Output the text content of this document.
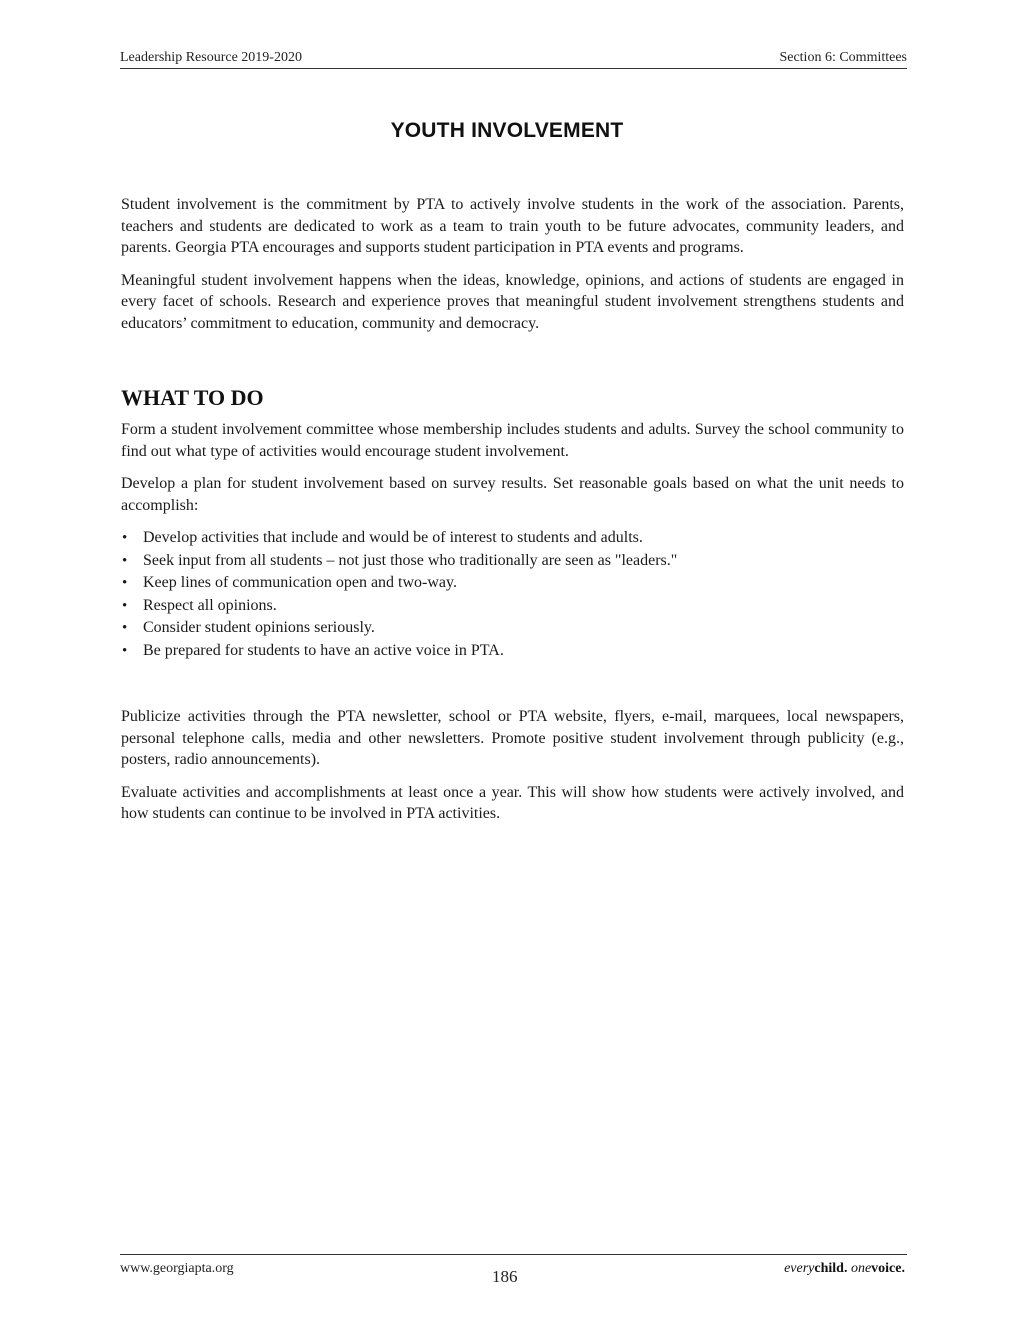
Leadership Resource 2019-2020	Section 6: Committees
YOUTH INVOLVEMENT

Student involvement is the commitment by PTA to actively involve students in the work of the association. Parents, teachers and students are dedicated to work as a team to train youth to be future advocates, community leaders, and parents. Georgia PTA encourages and supports student participation in PTA events and programs.

Meaningful student involvement happens when the ideas, knowledge, opinions, and actions of students are engaged in every facet of schools. Research and experience proves that meaningful student involvement strengthens students and educators’ commitment to education, community and democracy.

WHAT TO DO

Form a student involvement committee whose membership includes students and adults. Survey the school community to find out what type of activities would encourage student involvement.

Develop a plan for student involvement based on survey results. Set reasonable goals based on what the unit needs to accomplish:

• Develop activities that include and would be of interest to students and adults.
• Seek input from all students – not just those who traditionally are seen as "leaders."
• Keep lines of communication open and two-way.
• Respect all opinions.
• Consider student opinions seriously.
• Be prepared for students to have an active voice in PTA.

Publicize activities through the PTA newsletter, school or PTA website, flyers, e-mail, marquees, local newspapers, personal telephone calls, media and other newsletters. Promote positive student involvement through publicity (e.g., posters, radio announcements).

Evaluate activities and accomplishments at least once a year. This will show how students were actively involved, and how students can continue to be involved in PTA activities.

www.georgiapta.org	186	everychild. onevoice.
